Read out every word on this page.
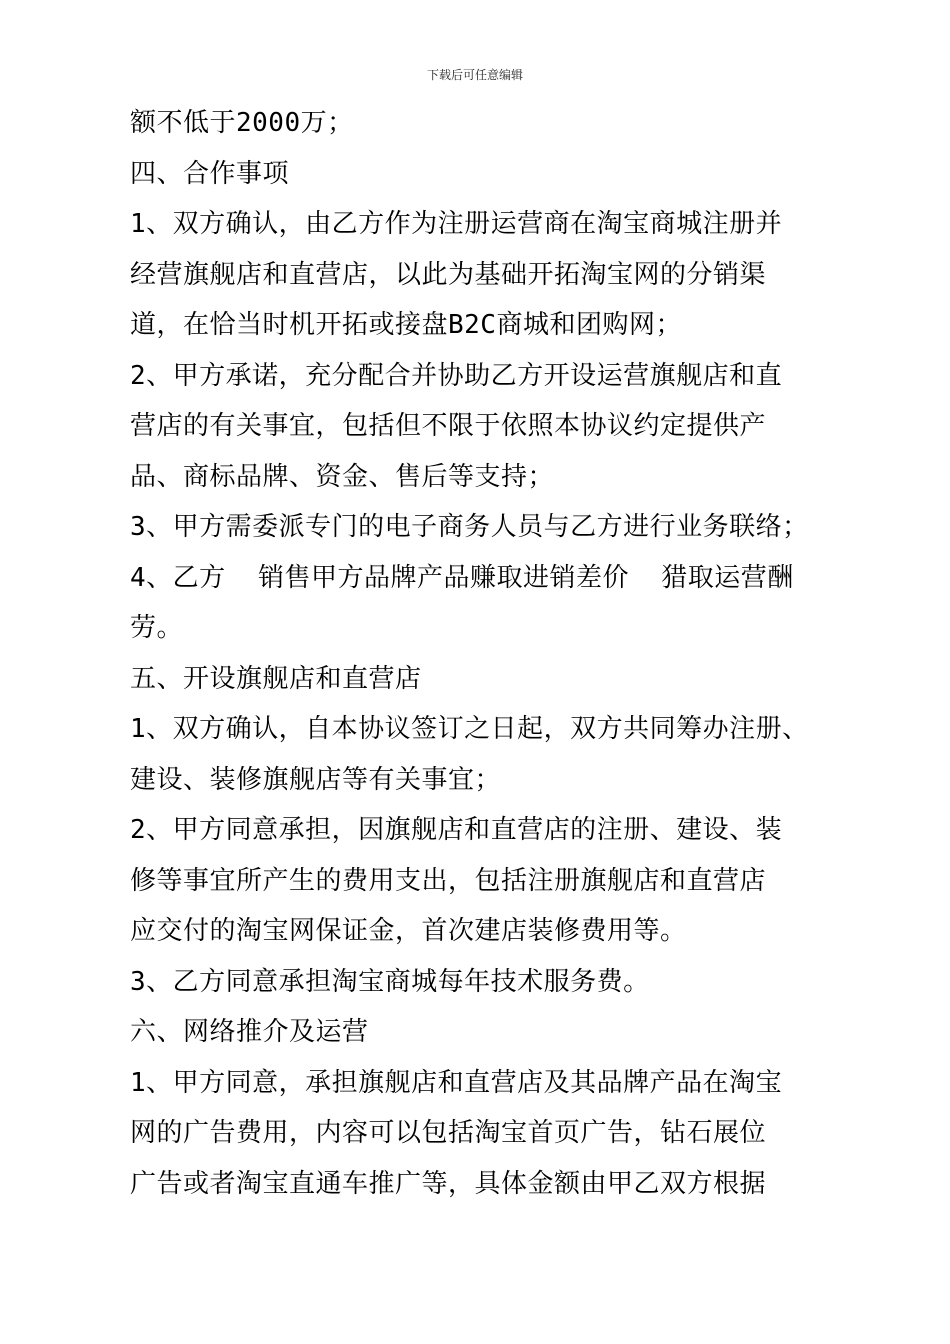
下载后可任意编辑
额不低于2000万；
四、合作事项
1、双方确认，由乙方作为注册运营商在淘宝商城注册并
经营旗舰店和直营店，以此为基础开拓淘宝网的分销渠
道，在恰当时机开拓或接盘B2C商城和团购网；
2、甲方承诺，充分配合并协助乙方开设运营旗舰店和直
营店的有关事宜，包括但不限于依照本协议约定提供产
品、商标品牌、资金、售后等支持；
3、甲方需委派专门的电子商务人员与乙方进行业务联络；
4、乙方  销售甲方品牌产品赚取进销差价  猎取运营酬
劳。
五、开设旗舰店和直营店
1、双方确认，自本协议签订之日起，双方共同筹办注册、
建设、装修旗舰店等有关事宜；
2、甲方同意承担，因旗舰店和直营店的注册、建设、装
修等事宜所产生的费用支出，包括注册旗舰店和直营店
应交付的淘宝网保证金，首次建店装修费用等。
3、乙方同意承担淘宝商城每年技术服务费。
六、网络推介及运营
1、甲方同意，承担旗舰店和直营店及其品牌产品在淘宝
网的广告费用，内容可以包括淘宝首页广告，钻石展位
广告或者淘宝直通车推广等，具体金额由甲乙双方根据
